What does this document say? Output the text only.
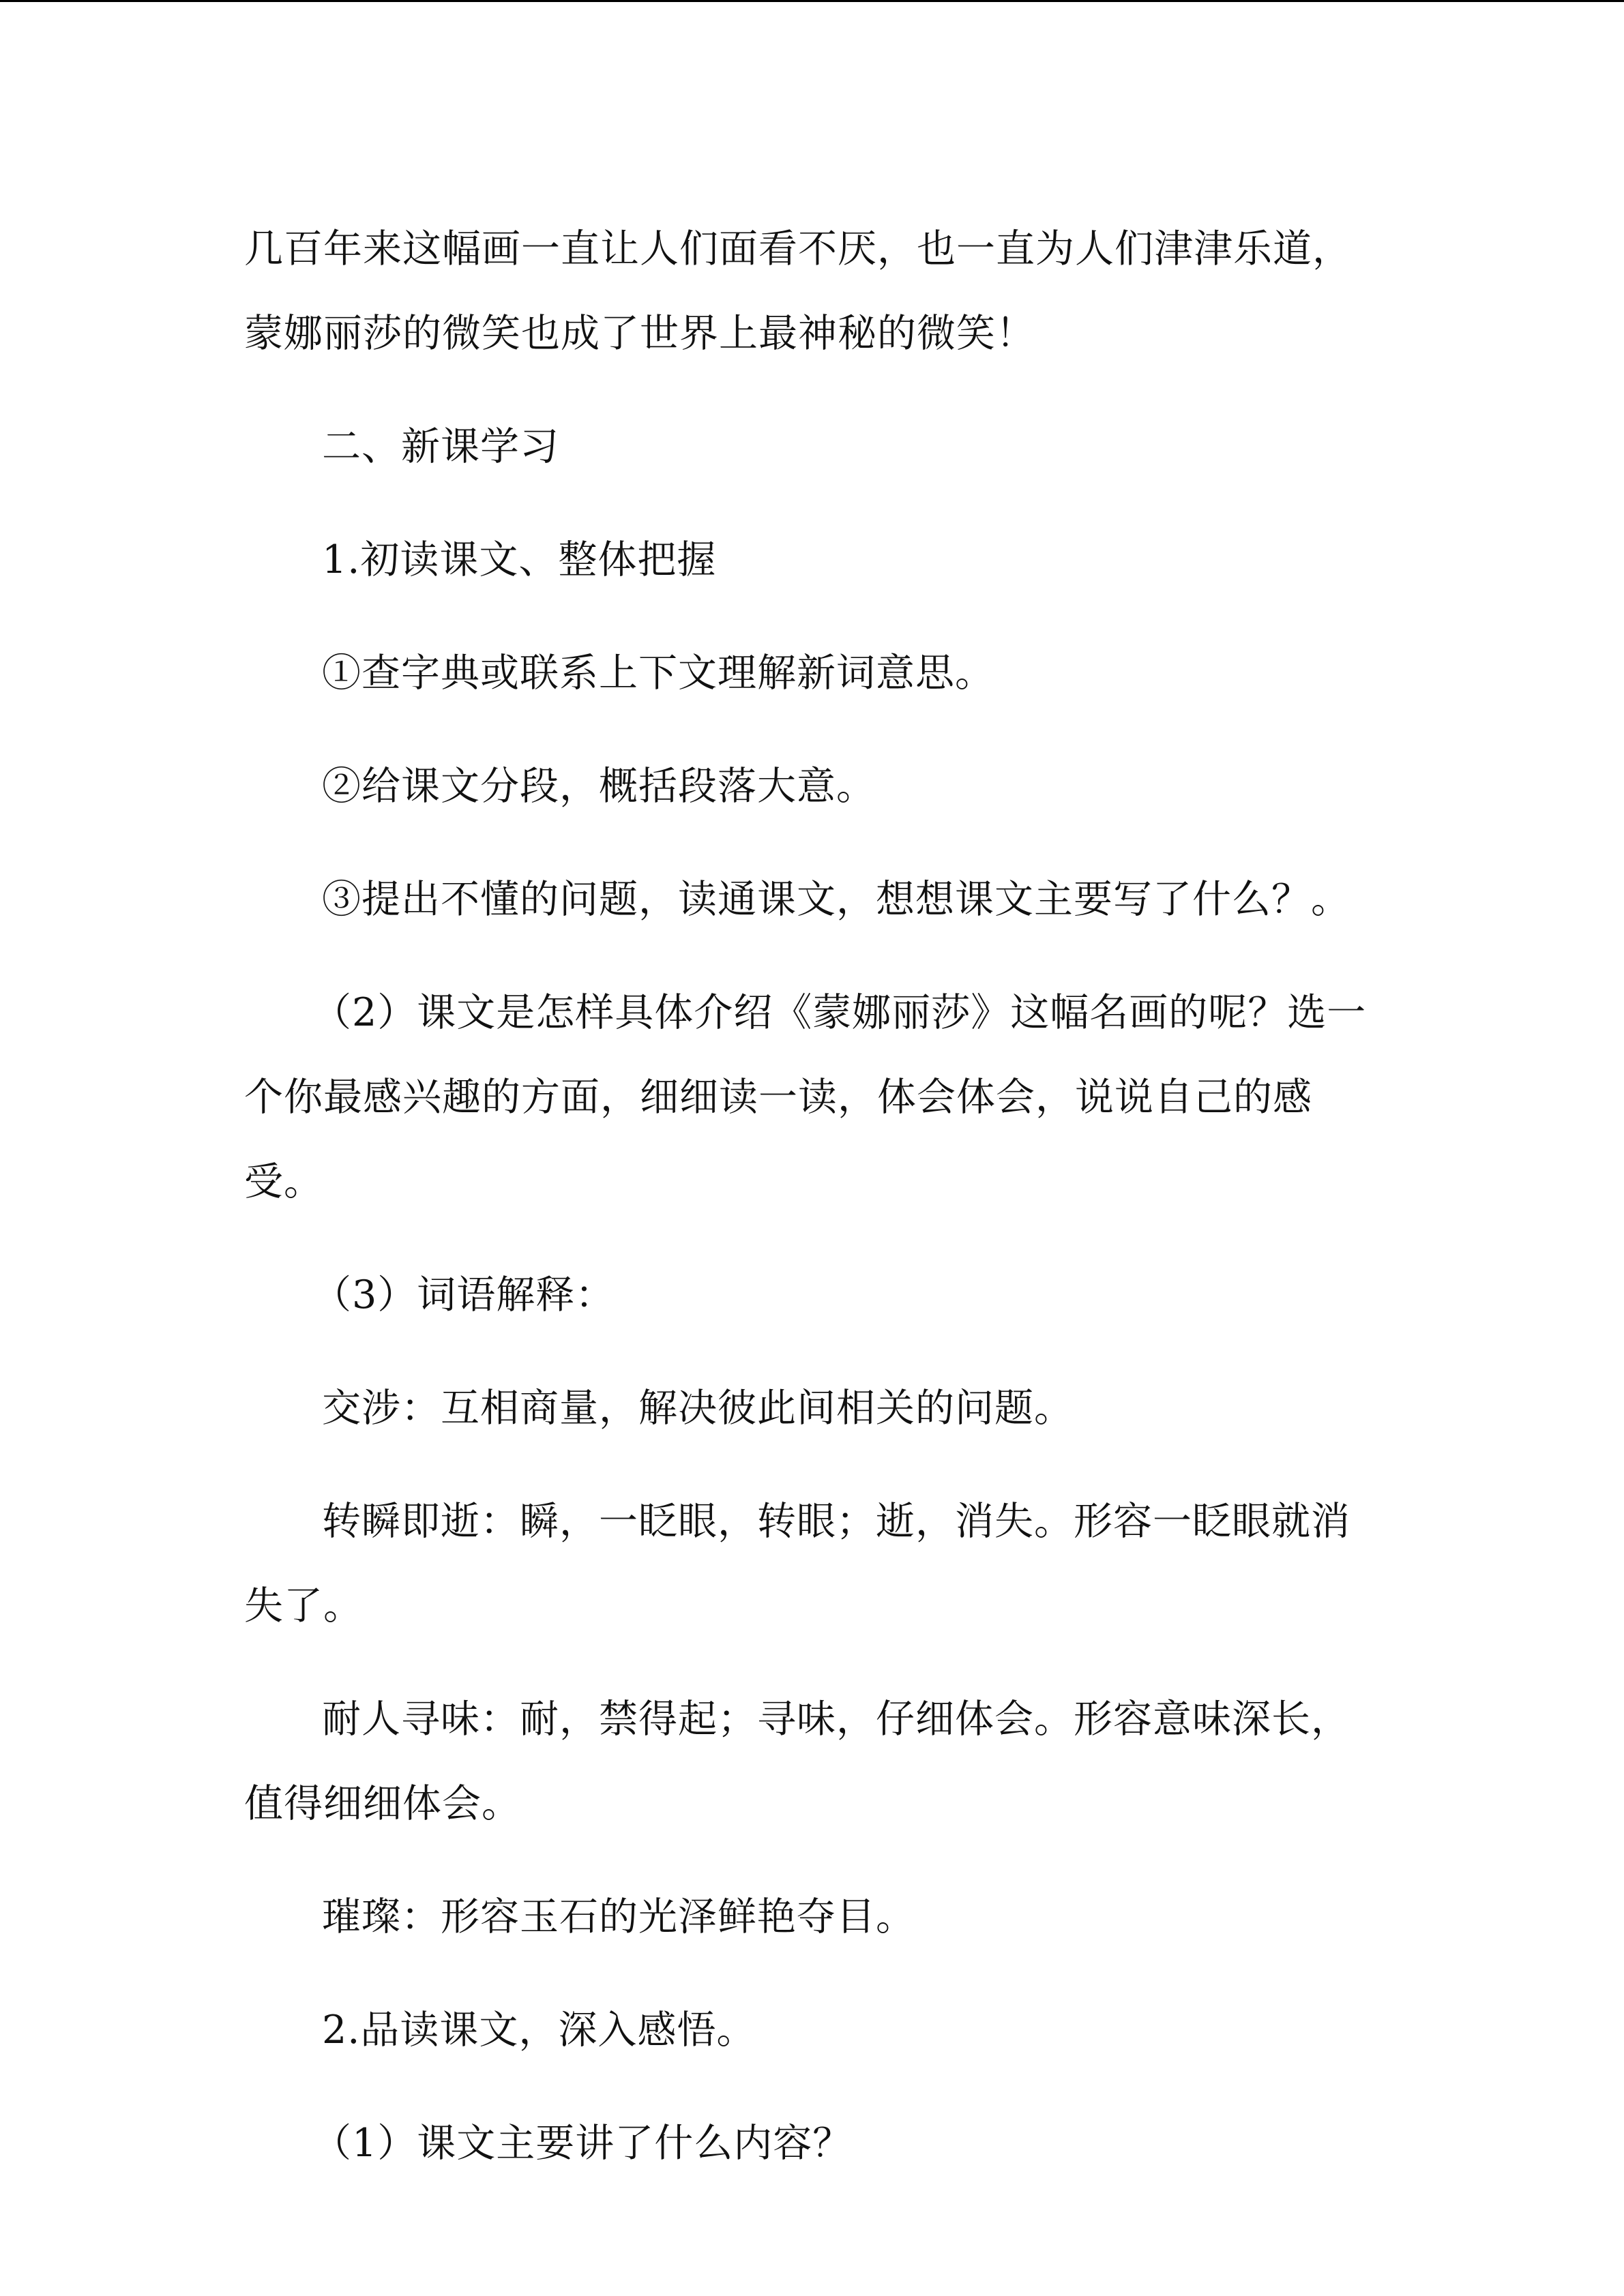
几百年来这幅画一直让人们面看不厌，也一直为人们津津乐道，蒙娜丽莎的微笑也成了世界上最神秘的微笑！

二、新课学习

1.初读课文、整体把握

①查字典或联系上下文理解新词意思。

②给课文分段，概括段落大意。

③提出不懂的问题，读通课文，想想课文主要写了什么？。

（2）课文是怎样具体介绍《蒙娜丽莎》这幅名画的呢？选一个你最感兴趣的方面，细细读一读，体会体会，说说自己的感受。

（3）词语解释：

交涉：互相商量，解决彼此间相关的问题。

转瞬即逝：瞬，一眨眼，转眼；逝，消失。形容一眨眼就消失了。

耐人寻味：耐，禁得起；寻味，仔细体会。形容意味深长，值得细细体会。

璀璨：形容玉石的光泽鲜艳夺目。

2.品读课文，深入感悟。

（1）课文主要讲了什么内容？
